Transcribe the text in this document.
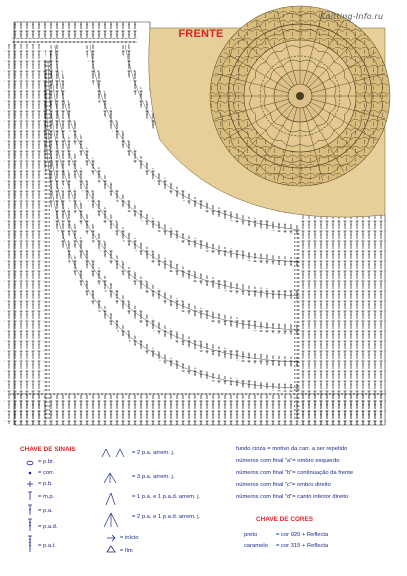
FRENTE
Knitting-Info.ru
CHAVE DE SINAIS
= p.br.
= corr.
= p.b.
= m.p.
= p.a.
= p.a.d.
= p.a.t.
= 2 p.a. arrem. j.
= 3 p.a. arrem. j.
= 1 p.a. e 1 p.a.d. arrem. j.
= 2 p.a. e 1 p.a.d. arrem. j.
= início
= fim
fundo cinza = motivo da carr. a ser repetido
números com final "a"= ombro esquerdo
números com final "b"= continuação da frente
números com final "c"= ombro direito
números com final "d"= canto inferior direito
CHAVE DE CORES
preto	= cor 920 + Reflecta
caramelo = cor 315 + Reflecta
